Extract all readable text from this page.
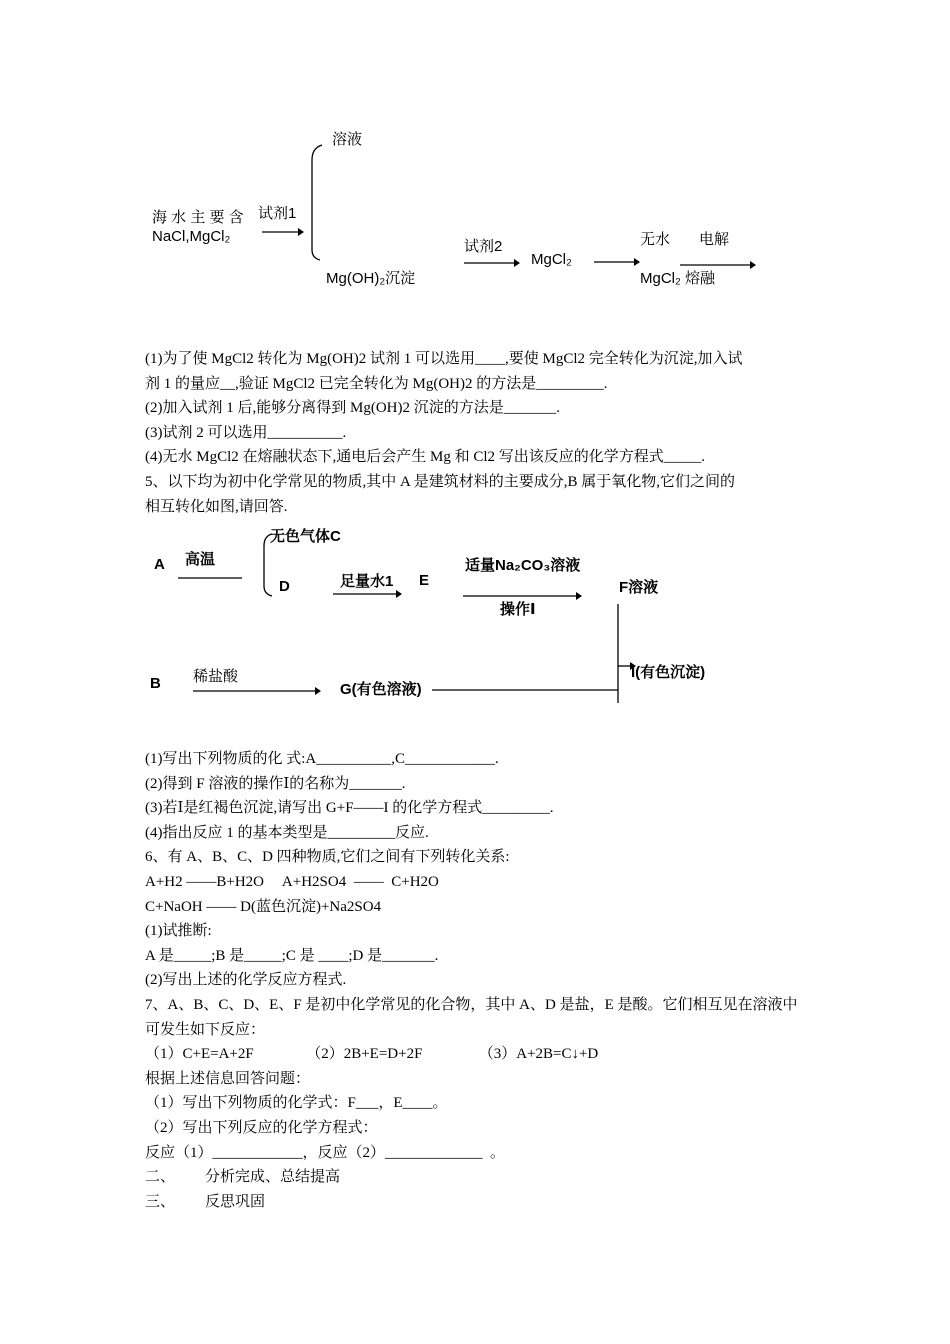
溶液
海 水 主 要 含
NaCl,MgCl₂
试剂1
Mg(OH)₂沉淀
试剂2
MgCl₂
无水 电解
MgCl₂ 熔融
A 高温
无色气体C
D	足量水1 E
适量Na₂CO₃溶液
操作Ⅰ
F溶液
B 稀盐酸
G(有色溶液)
I(有色沉淀)
(1)为了使 MgCl2 转化为 Mg(OH)2 试剂 1 可以选用____,要使 MgCl2 完全转化为沉淀,加入试
剂 1 的量应__,验证 MgCl2 已完全转化为 Mg(OH)2 的方法是_________.
(2)加入试剂 1 后,能够分离得到 Mg(OH)2 沉淀的方法是_______.
(3)试剂 2 可以选用__________.
(4)无水 MgCl2 在熔融状态下,通电后会产生 Mg 和 Cl2 写出该反应的化学方程式_____.
5、以下均为初中化学常见的物质,其中 A 是建筑材料的主要成分,B 属于氧化物,它们之间的
相互转化如图,请回答.
(1)写出下列物质的化 式:A__________,C____________.
(2)得到 F 溶液的操作Ⅰ的名称为_______.
(3)若Ⅰ是红褐色沉淀,请写出 G+F——I 的化学方程式_________.
(4)指出反应 1 的基本类型是_________反应.
6、有 A、B、C、D 四种物质,它们之间有下列转化关系:
A+H2 ——B+H2O     A+H2SO4  ——  C+H2O
C+NaOH —— D(蓝色沉淀)+Na2SO4
(1)试推断:
A 是_____;B 是_____;C 是 ____;D 是_______.
(2)写出上述的化学反应方程式.
7、A、B、C、D、E、F 是初中化学常见的化合物，其中 A、D 是盐，E 是酸。它们相互见在溶液中
可发生如下反应：
（1）C+E=A+2F              （2）2B+E=D+2F               （3）A+2B=C↓+D
根据上述信息回答问题：
（1）写出下列物质的化学式：F___，E____。
（2）写出下列反应的化学方程式：
反应（1）____________，反应（2）_____________  。
二、        分析完成、总结提高
三、        反思巩固
